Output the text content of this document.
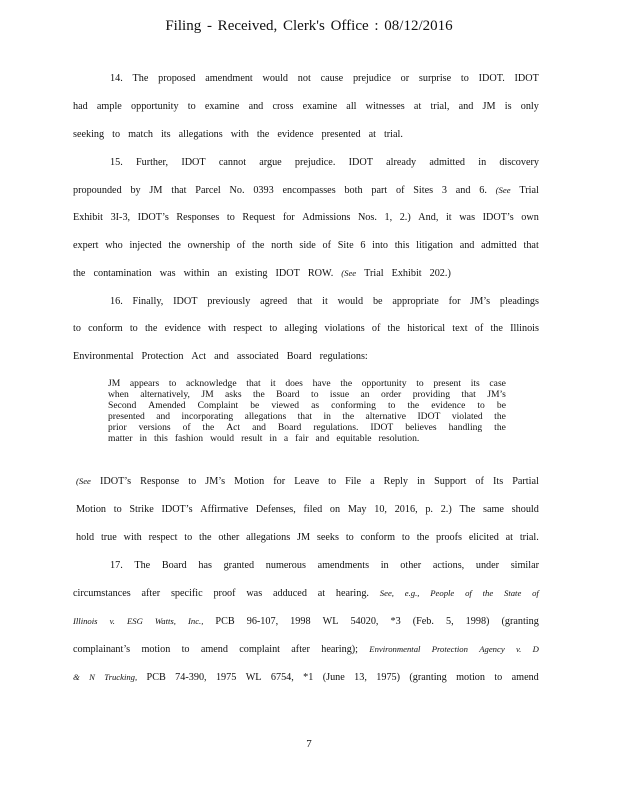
Filing - Received, Clerk's Office : 08/12/2016
14. The proposed amendment would not cause prejudice or surprise to IDOT. IDOT
had ample opportunity to examine and cross examine all witnesses at trial, and JM is only
seeking to match its allegations with the evidence presented at trial.
15. Further, IDOT cannot argue prejudice. IDOT already admitted in discovery
propounded by JM that Parcel No. 0393 encompasses both part of Sites 3 and 6. (See Trial
Exhibit 3I-3, IDOT’s Responses to Request for Admissions Nos. 1, 2.) And, it was IDOT’s own
expert who injected the ownership of the north side of Site 6 into this litigation and admitted that
the contamination was within an existing IDOT ROW. (See Trial Exhibit 202.)
16. Finally, IDOT previously agreed that it would be appropriate for JM’s pleadings
to conform to the evidence with respect to alleging violations of the historical text of the Illinois
Environmental Protection Act and associated Board regulations:
JM appears to acknowledge that it does have the opportunity to present its case
when alternatively, JM asks the Board to issue an order providing that JM’s
Second Amended Complaint be viewed as conforming to the evidence to be
presented and incorporating allegations that in the alternative IDOT violated the
prior versions of the Act and Board regulations. IDOT believes handling the
matter in this fashion would result in a fair and equitable resolution.
(See IDOT’s Response to JM’s Motion for Leave to File a Reply in Support of Its Partial
Motion to Strike IDOT’s Affirmative Defenses, filed on May 10, 2016, p. 2.) The same should
hold true with respect to the other allegations JM seeks to conform to the proofs elicited at trial.
17. The Board has granted numerous amendments in other actions, under similar
circumstances after specific proof was adduced at hearing. See, e.g., People of the State of
Illinois v. ESG Watts, Inc., PCB 96-107, 1998 WL 54020, *3 (Feb. 5, 1998) (granting
complainant’s motion to amend complaint after hearing); Environmental Protection Agency v. D
& N Trucking, PCB 74-390, 1975 WL 6754, *1 (June 13, 1975) (granting motion to amend
7
